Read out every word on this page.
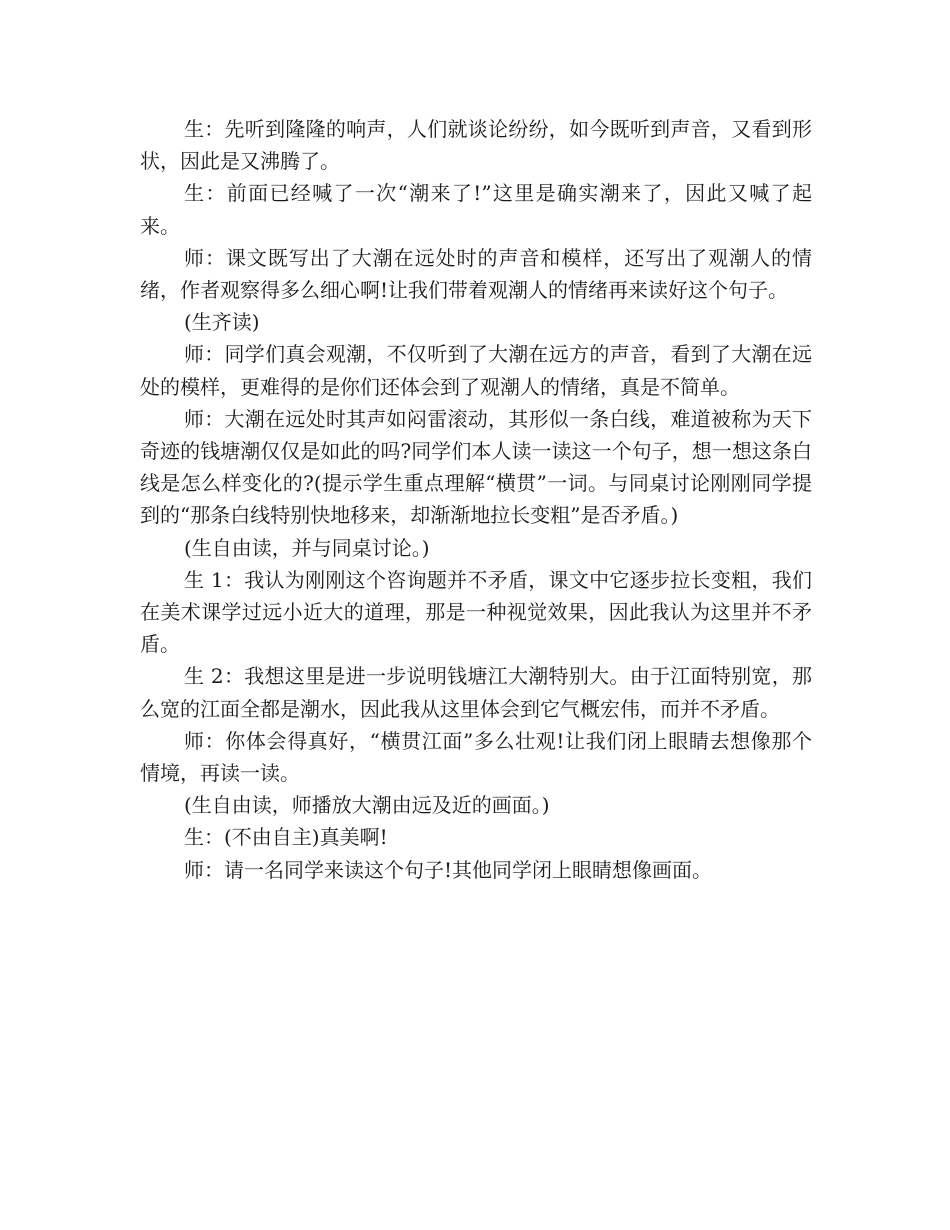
生：先听到隆隆的响声，人们就谈论纷纷，如今既听到声音，又看到形状，因此是又沸腾了。

生：前面已经喊了一次“潮来了!”这里是确实潮来了，因此又喊了起来。

师：课文既写出了大潮在远处时的声音和模样，还写出了观潮人的情绪，作者观察得多么细心啊!让我们带着观潮人的情绪再来读好这个句子。

(生齐读)

师：同学们真会观潮，不仅听到了大潮在远方的声音，看到了大潮在远处的模样，更难得的是你们还体会到了观潮人的情绪，真是不简单。

师：大潮在远处时其声如闷雷滚动，其形似一条白线，难道被称为天下奇迹的钱塘潮仅仅是如此的吗?同学们本人读一读这一个句子，想一想这条白线是怎么样变化的?(提示学生重点理解“横贯”一词。与同桌讨论刚刚同学提到的“那条白线特别快地移来，却渐渐地拉长变粗”是否矛盾。)

(生自由读，并与同桌讨论。)

生 1：我认为刚刚这个咨询题并不矛盾，课文中它逐步拉长变粗，我们在美术课学过远小近大的道理，那是一种视觉效果，因此我认为这里并不矛盾。

生 2：我想这里是进一步说明钱塘江大潮特别大。由于江面特别宽，那么宽的江面全都是潮水，因此我从这里体会到它气概宏伟，而并不矛盾。

师：你体会得真好，“横贯江面”多么壮观!让我们闭上眼睛去想像那个情境，再读一读。

(生自由读，师播放大潮由远及近的画面。)

生：(不由自主)真美啊!

师：请一名同学来读这个句子!其他同学闭上眼睛想像画面。
